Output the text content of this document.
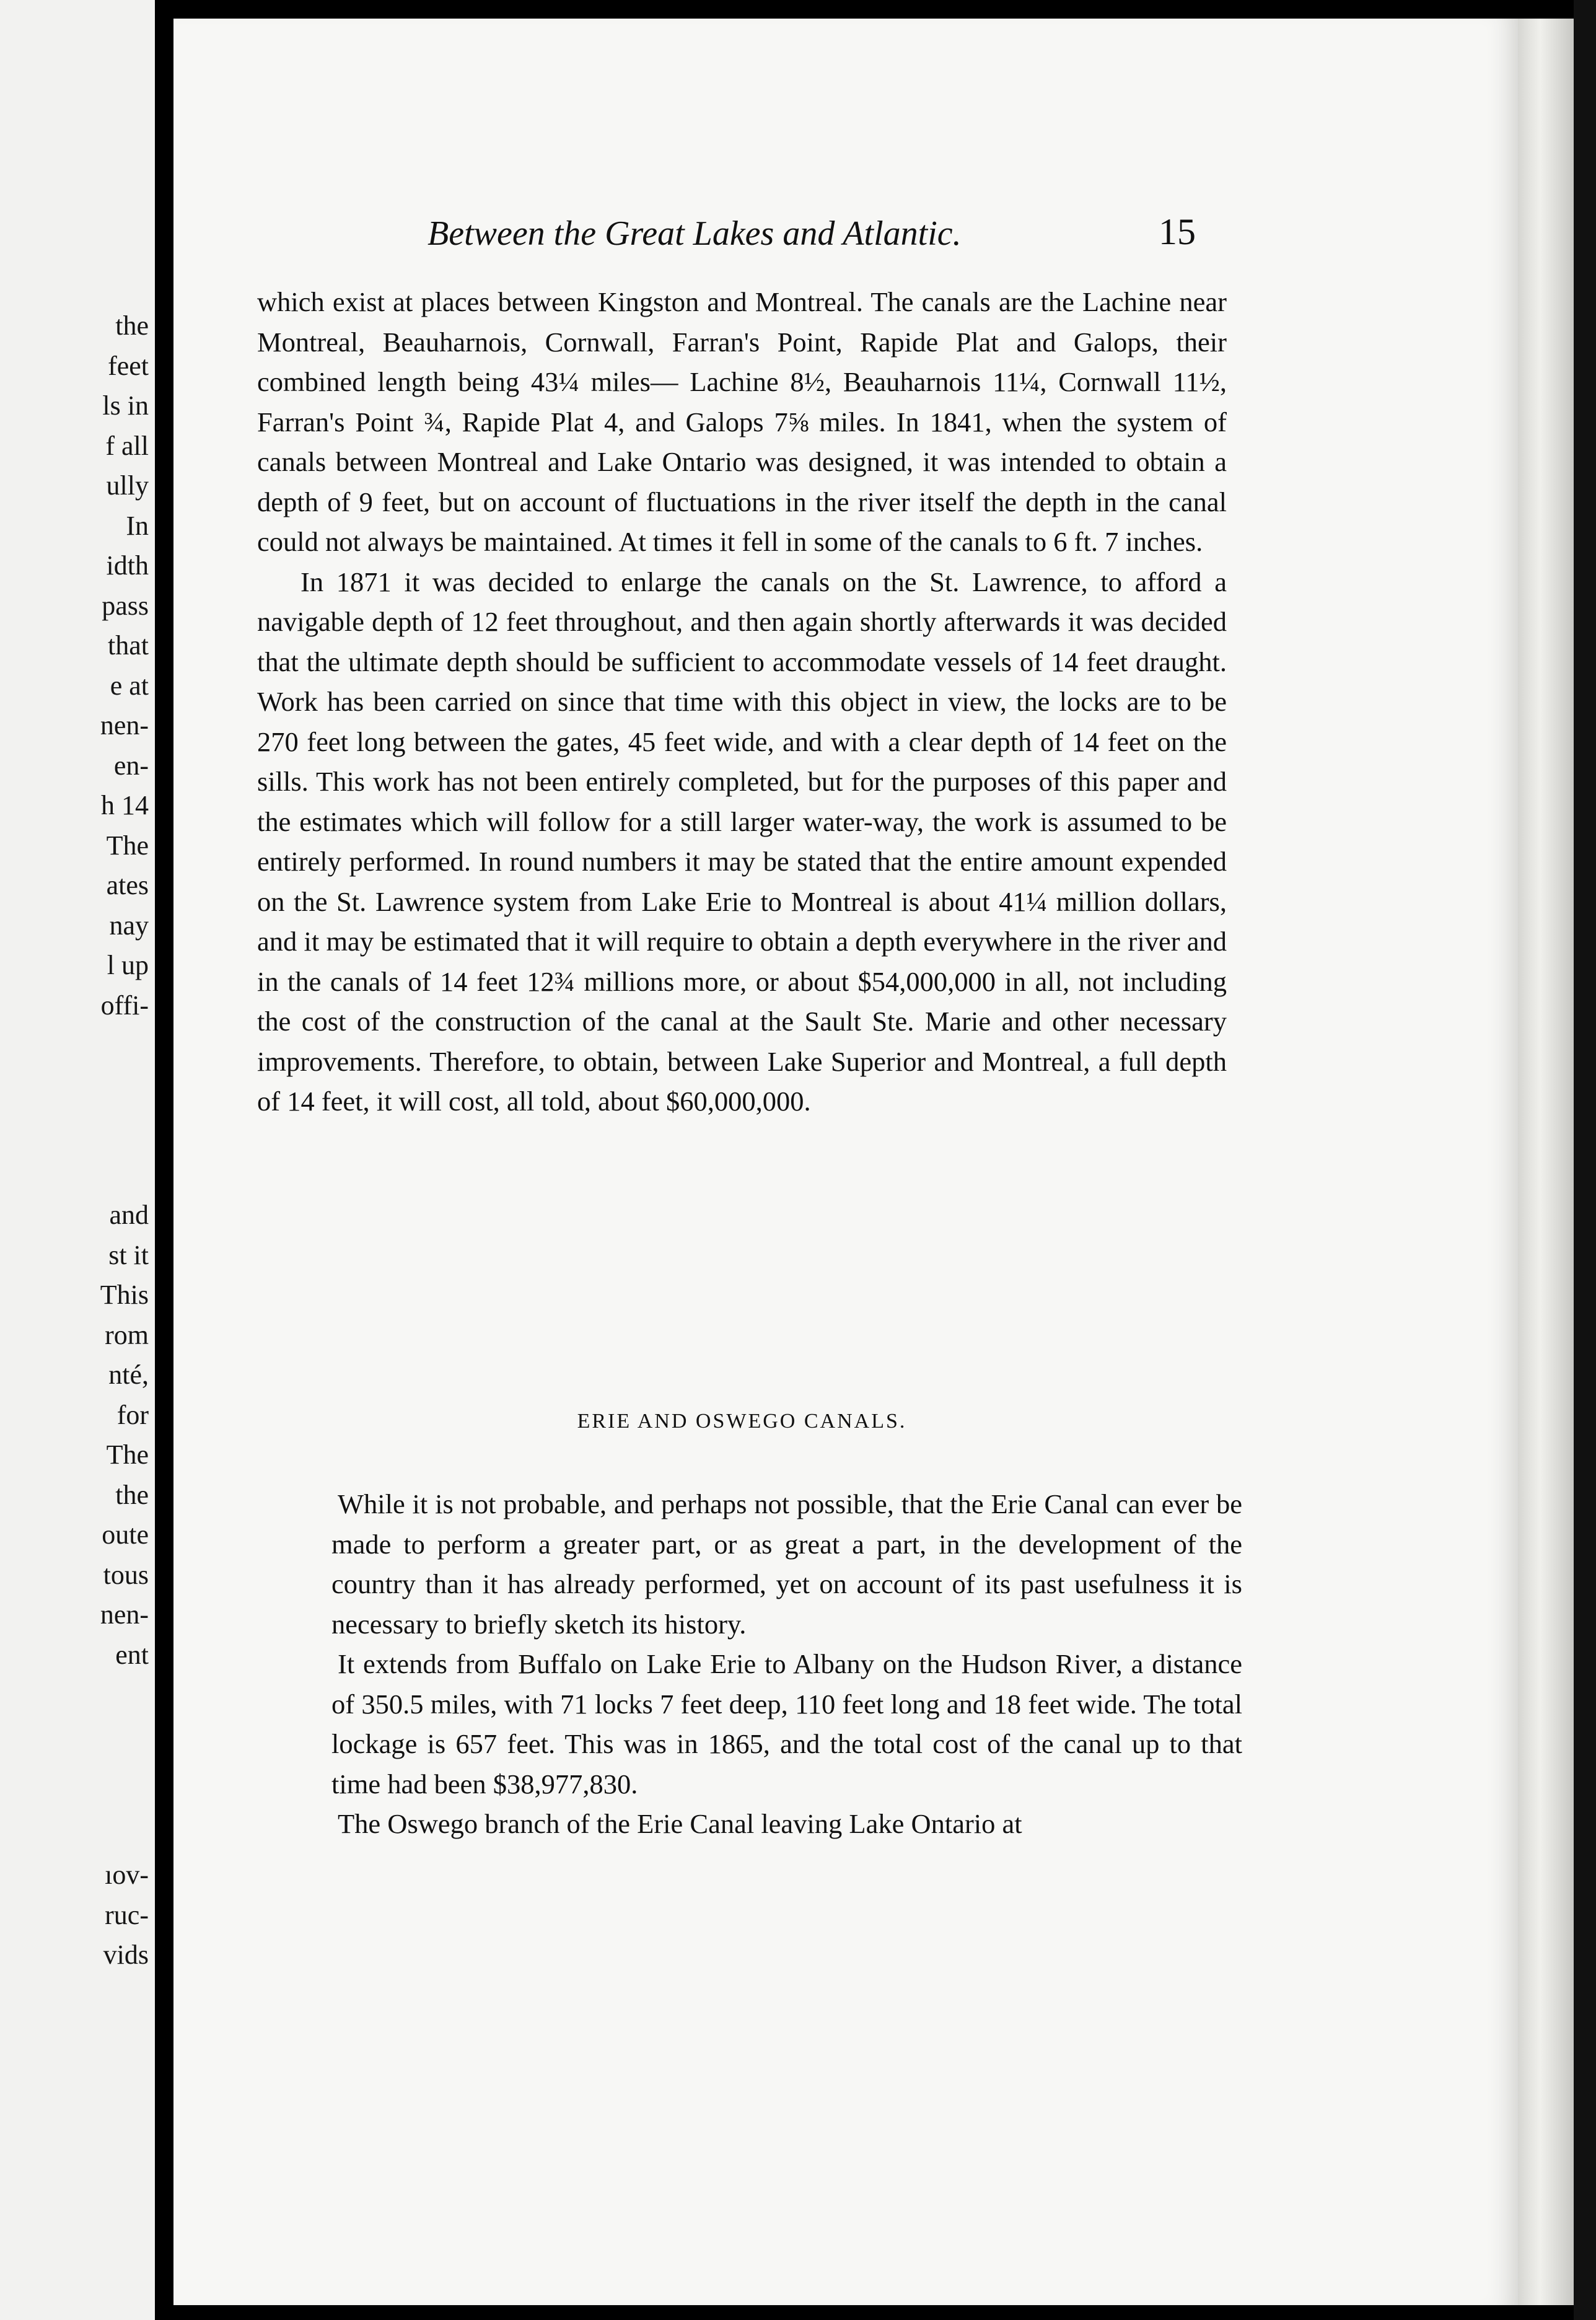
the
feet
ls in
f all
ully
In
idth
pass
that
e at
nen-
en-
h 14
The
ates
nay
l up
offi-
and
st it
This
rom
nté,
for
The
the
oute
tous
nen-
ent
ıov-
ruc-
vids
Between the Great Lakes and Atlantic.	15

which exist at places between Kingston and Montreal. The canals are the Lachine near Montreal, Beauharnois, Cornwall, Farran's Point, Rapide Plat and Galops, their combined length being 43¼ miles— Lachine 8½, Beauharnois 11¼, Cornwall 11½, Farran's Point ¾, Rapide Plat 4, and Galops 7⅝ miles. In 1841, when the system of canals between Montreal and Lake Ontario was designed, it was intended to obtain a depth of 9 feet, but on account of fluctuations in the river itself the depth in the canal could not always be maintained. At times it fell in some of the canals to 6 ft. 7 inches.

In 1871 it was decided to enlarge the canals on the St. Lawrence, to afford a navigable depth of 12 feet throughout, and then again shortly afterwards it was decided that the ultimate depth should be sufficient to accommodate vessels of 14 feet draught. Work has been carried on since that time with this object in view, the locks are to be 270 feet long between the gates, 45 feet wide, and with a clear depth of 14 feet on the sills. This work has not been entirely completed, but for the purposes of this paper and the estimates which will follow for a still larger water-way, the work is assumed to be entirely performed. In round numbers it may be stated that the entire amount expended on the St. Lawrence system from Lake Erie to Montreal is about 41¼ million dollars, and it may be estimated that it will require to obtain a depth everywhere in the river and in the canals of 14 feet 12¾ millions more, or about $54,000,000 in all, not including the cost of the construction of the canal at the Sault Ste. Marie and other necessary improvements. Therefore, to obtain, between Lake Superior and Montreal, a full depth of 14 feet, it will cost, all told, about $60,000,000.

ERIE AND OSWEGO CANALS.

While it is not probable, and perhaps not possible, that the Erie Canal can ever be made to perform a greater part, or as great a part, in the development of the country than it has already performed, yet on account of its past usefulness it is necessary to briefly sketch its history.

It extends from Buffalo on Lake Erie to Albany on the Hudson River, a distance of 350.5 miles, with 71 locks 7 feet deep, 110 feet long and 18 feet wide. The total lockage is 657 feet. This was in 1865, and the total cost of the canal up to that time had been $38,977,830.

The Oswego branch of the Erie Canal leaving Lake Ontario at
